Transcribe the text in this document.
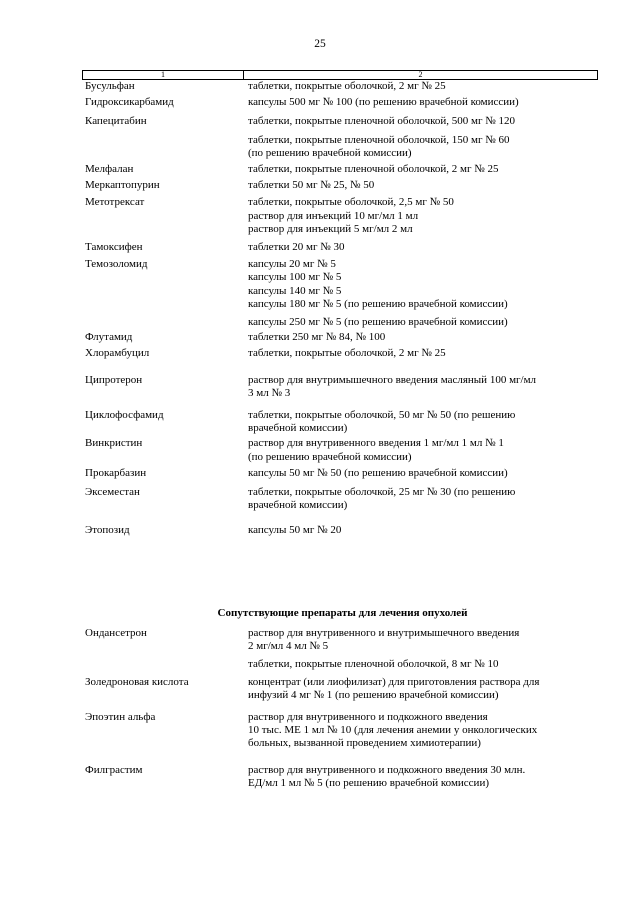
25
1	2
Бусульфан	таблетки, покрытые оболочкой, 2 мг № 25
Гидроксикарбамид	капсулы 500 мг № 100 (по решению врачебной комиссии)
Капецитабин	таблетки, покрытые пленочной оболочкой, 500 мг № 120
таблетки, покрытые пленочной оболочкой, 150 мг № 60
(по решению врачебной комиссии)
Мелфалан	таблетки, покрытые пленочной оболочкой, 2 мг № 25
Меркаптопурин	таблетки 50 мг № 25, № 50
Метотрексат	таблетки, покрытые оболочкой, 2,5 мг № 50
раствор для инъекций 10 мг/мл 1 мл
раствор для инъекций 5 мг/мл 2 мл
Тамоксифен	таблетки 20 мг № 30
Темозоломид	капсулы 20 мг № 5
капсулы 100 мг № 5
капсулы 140 мг № 5
капсулы 180 мг № 5 (по решению врачебной комиссии)
капсулы 250 мг № 5 (по решению врачебной комиссии)
Флутамид	таблетки 250 мг № 84, № 100
Хлорамбуцил	таблетки, покрытые оболочкой, 2 мг № 25
Ципротерон	раствор для внутримышечного введения масляный 100 мг/мл
3 мл № 3
Циклофосфамид	таблетки, покрытые оболочкой, 50 мг № 50 (по решению
врачебной комиссии)
Винкристин	раствор для внутривенного введения 1 мг/мл 1 мл № 1
(по решению врачебной комиссии)
Прокарбазин	капсулы 50 мг № 50 (по решению врачебной комиссии)
Эксеместан	таблетки, покрытые оболочкой, 25 мг № 30 (по решению
врачебной комиссии)
Этопозид	капсулы 50 мг № 20
Сопутствующие препараты для лечения опухолей
Ондансетрон	раствор для внутривенного и внутримышечного введения
2 мг/мл 4 мл № 5
таблетки, покрытые пленочной оболочкой, 8 мг № 10
Золедроновая кислота	концентрат (или лиофилизат) для приготовления раствора для
инфузий 4 мг № 1 (по решению врачебной комиссии)
Эпоэтин альфа	раствор для внутривенного и подкожного введения
10 тыс. МЕ 1 мл № 10 (для лечения анемии у онкологических
больных, вызванной проведением химиотерапии)
Филграстим	раствор для внутривенного и подкожного введения 30 млн.
ЕД/мл 1 мл № 5 (по решению врачебной комиссии)
